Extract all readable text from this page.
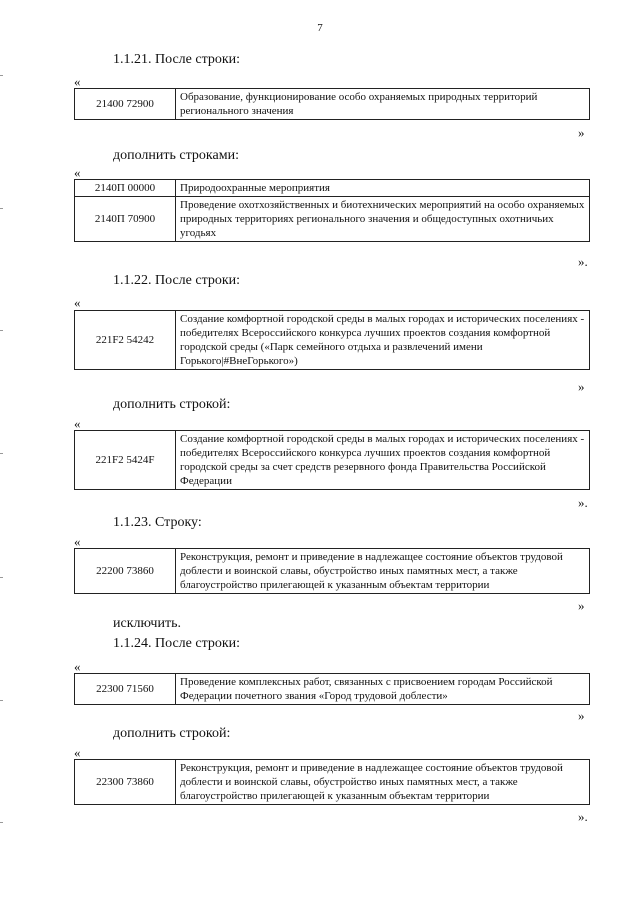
7
1.1.21. После строки:
«
21400 72900	Образование, функционирование особо охраняемых природных территорий регионального значения
»
дополнить строками:
«
2140П 00000	Природоохранные мероприятия
2140П 70900	Проведение охотхозяйственных и биотехнических мероприятий на особо охраняемых природных территориях регионального значения и общедоступных охотничьих угодьях
».
1.1.22. После строки:
«
221F2 54242	Создание комфортной городской среды в малых городах и исторических поселениях - победителях Всероссийского конкурса лучших проектов создания комфортной городской среды («Парк семейного отдыха и развлечений имени Горького|#ВнеГорького»)
»
дополнить строкой:
«
221F2 5424F	Создание комфортной городской среды в малых городах и исторических поселениях - победителях Всероссийского конкурса лучших проектов создания комфортной городской среды за счет средств резервного фонда Правительства Российской Федерации
».
1.1.23. Строку:
«
22200 73860	Реконструкция, ремонт и приведение в надлежащее состояние объектов трудовой доблести и воинской славы, обустройство иных памятных мест, а также благоустройство прилегающей к указанным объектам территории
»
исключить.
1.1.24. После строки:
«
22300 71560	Проведение комплексных работ, связанных с присвоением городам Российской Федерации почетного звания «Город трудовой доблести»
»
дополнить строкой:
«
22300 73860	Реконструкция, ремонт и приведение в надлежащее состояние объектов трудовой доблести и воинской славы, обустройство иных памятных мест, а также благоустройство прилегающей к указанным объектам территории
».
